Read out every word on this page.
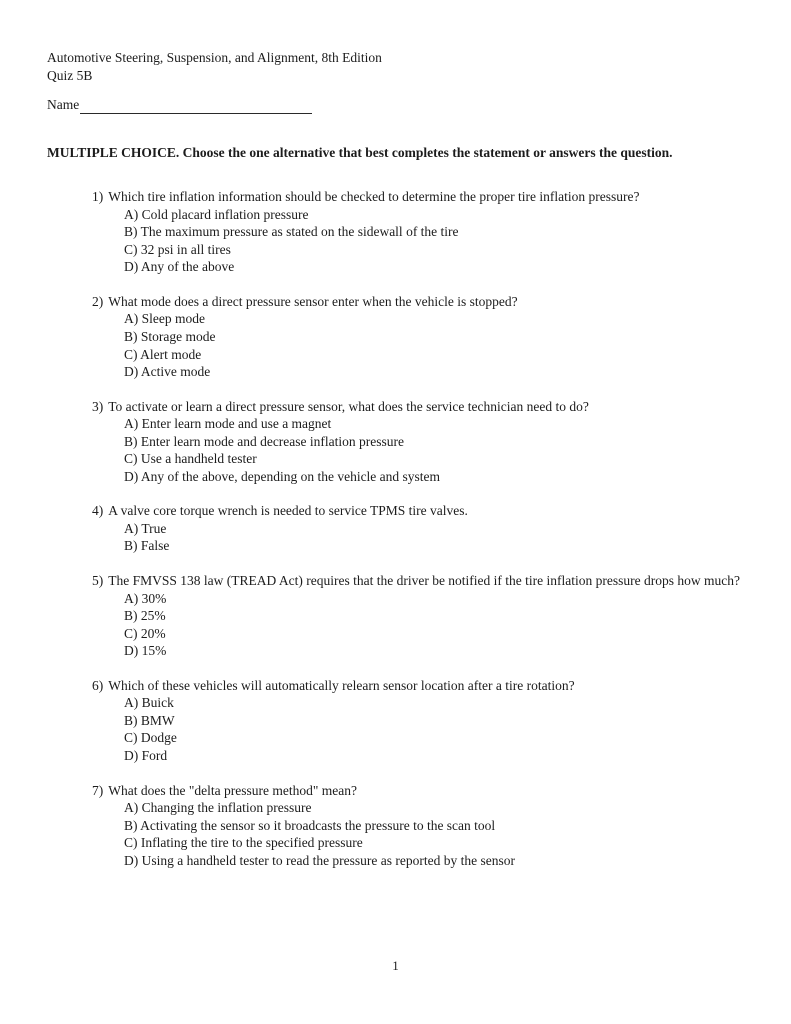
Automotive Steering, Suspension, and Alignment, 8th Edition
Quiz 5B
Name
MULTIPLE CHOICE. Choose the one alternative that best completes the statement or answers the question.
1) Which tire inflation information should be checked to determine the proper tire inflation pressure?
A) Cold placard inflation pressure
B) The maximum pressure as stated on the sidewall of the tire
C) 32 psi in all tires
D) Any of the above
2) What mode does a direct pressure sensor enter when the vehicle is stopped?
A) Sleep mode
B) Storage mode
C) Alert mode
D) Active mode
3) To activate or learn a direct pressure sensor, what does the service technician need to do?
A) Enter learn mode and use a magnet
B) Enter learn mode and decrease inflation pressure
C) Use a handheld tester
D) Any of the above, depending on the vehicle and system
4) A valve core torque wrench is needed to service TPMS tire valves.
A) True
B) False
5) The FMVSS 138 law (TREAD Act) requires that the driver be notified if the tire inflation pressure drops how much?
A) 30%
B) 25%
C) 20%
D) 15%
6) Which of these vehicles will automatically relearn sensor location after a tire rotation?
A) Buick
B) BMW
C) Dodge
D) Ford
7) What does the "delta pressure method" mean?
A) Changing the inflation pressure
B) Activating the sensor so it broadcasts the pressure to the scan tool
C) Inflating the tire to the specified pressure
D) Using a handheld tester to read the pressure as reported by the sensor
1
